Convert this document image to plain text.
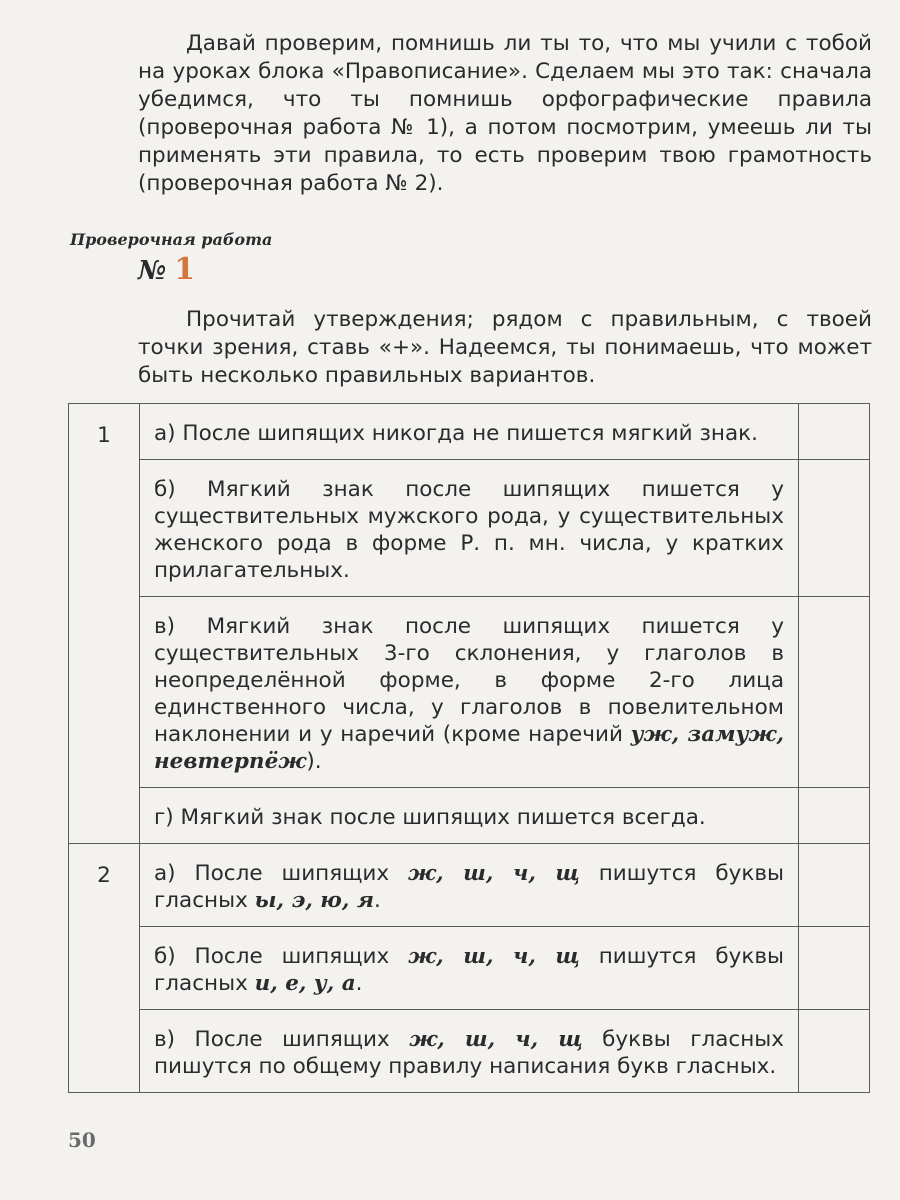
Давай проверим, помнишь ли ты то, что мы учили с тобой на уроках блока «Правописание». Сделаем мы это так: сначала убедимся, что ты помнишь орфографические правила (проверочная работа № 1), а потом посмотрим, умеешь ли ты применять эти правила, то есть проверим твою грамотность (проверочная работа № 2).

Проверочная работа
№ 1

Прочитай утверждения; рядом с правильным, с твоей точки зрения, ставь «+». Надеемся, ты понимаешь, что может быть несколько правильных вариантов.

1	а) После шипящих никогда не пишется мягкий знак.	
	б) Мягкий знак после шипящих пишется у существительных мужского рода, у существительных женского рода в форме Р. п. мн. числа, у кратких прилагательных.	
	в) Мягкий знак после шипящих пишется у существительных 3-го склонения, у глаголов в неопределённой форме, в форме 2-го лица единственного числа, у глаголов в повелительном наклонении и у наречий (кроме наречий уж, замуж, невтерпёж).	
	г) Мягкий знак после шипящих пишется всегда.	
2	а) После шипящих ж, ш, ч, щ пишутся буквы гласных ы, э, ю, я.	
	б) После шипящих ж, ш, ч, щ пишутся буквы гласных и, е, у, а.	
	в) После шипящих ж, ш, ч, щ буквы гласных пишутся по общему правилу написания букв гласных.	
50
